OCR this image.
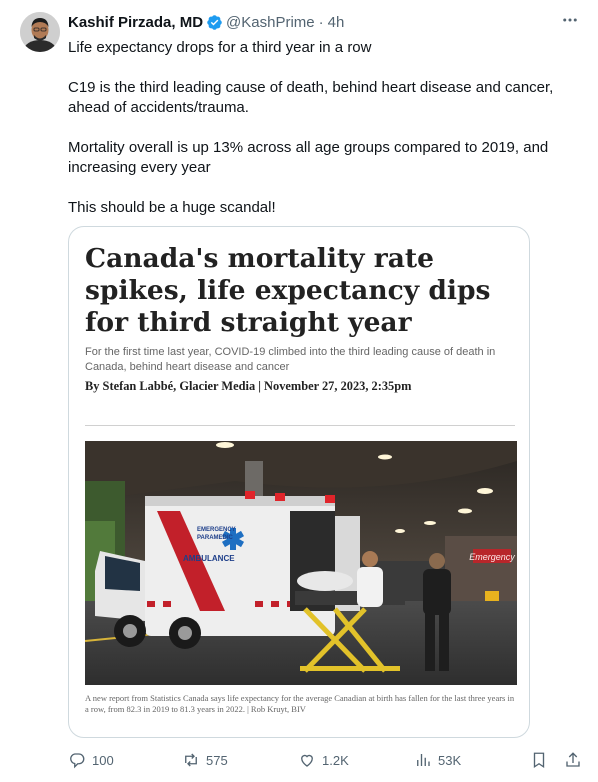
Kashif Pirzada, MD @KashPrime · 4h

Life expectancy drops for a third year in a row

C19 is the third leading cause of death, behind heart disease and cancer, ahead of accidents/trauma.

Mortality overall is up 13% across all age groups compared to 2019, and increasing every year

This should be a huge scandal!

Canada's mortality rate spikes, life expectancy dips for third straight year
For the first time last year, COVID-19 climbed into the third leading cause of death in Canada, behind heart disease and cancer
By Stefan Labbé, Glacier Media | November 27, 2023, 2:35pm
Emergency
EMERGENCY
PARAMEDIC
AMBULANCE
A new report from Statistics Canada says life expectancy for the average Canadian at birth has fallen for the last three years in a row, from 82.3 in 2019 to 81.3 years in 2022. | Rob Kruyt, BIV
100	575	1.2K	53K
